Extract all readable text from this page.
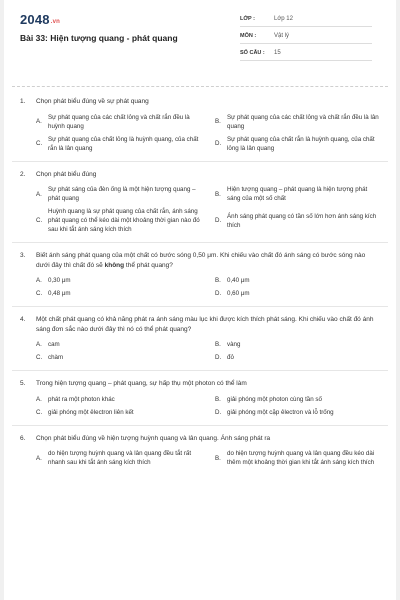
2048.vn
Bài 33: Hiện tượng quang - phát quang
LỚP :	Lớp 12
MÔN :	Vật lý
SỐ CÂU :	15
1.	Chọn phát biểu đúng về sự phát quang
A.
Sự phát quang của các chất lỏng và chất rắn đều là huỳnh quang
B.
Sự phát quang của các chất lỏng và chất rắn đều là lân quang
C.
Sự phát quang của chất lỏng là huỳnh quang, của chất rắn là lân quang
D.
Sự phát quang của chất rắn là huỳnh quang, của chất lỏng là lân quang
2.	Chọn phát biểu đúng
A.
Sự phát sáng của đèn ống là một hiện tượng quang – phát quang
B.
Hiện tượng quang – phát quang là hiện tượng phát sáng của một số chất
C.
Huỳnh quang là sự phát quang của chất rắn, ánh sáng phát quang có thể kéo dài một khoảng thời gian nào đó sau khi tắt ánh sáng kích thích
D.
Ánh sáng phát quang có tần số lớn hơn ánh sáng kích thích
3.	Biết ánh sáng phát quang của một chất có bước sóng 0,50 μm. Khi chiếu vào chất đó ánh sáng có bước sóng nào dưới đây thì chất đó sẽ không thể phát quang?
A. 0,30 μm	B. 0,40 μm
C. 0,48 μm	D. 0,60 μm
4.	Một chất phát quang có khả năng phát ra ánh sáng màu lục khi được kích thích phát sáng. Khi chiếu vào chất đó ánh sáng đơn sắc nào dưới đây thì nó có thể phát quang?
A. cam	B. vàng
C. chàm	D. đỏ
5.	Trong hiện tượng quang – phát quang, sự hấp thụ một photon có thể làm
A. phát ra một photon khác	B. giải phóng một photon cùng tần số
C. giải phóng một êlectron liên kết	D. giải phóng một cặp êlectron và lỗ trống
6.	Chọn phát biểu đúng về hiện tượng huỳnh quang và lân quang. Ánh sáng phát ra
A.
do hiện tượng huỳnh quang và lân quang đều tắt rất nhanh sau khi tắt ánh sáng kích thích
B.
do hiện tượng huỳnh quang và lân quang đều kéo dài thêm một khoảng thời gian khi tắt ánh sáng kích thích
